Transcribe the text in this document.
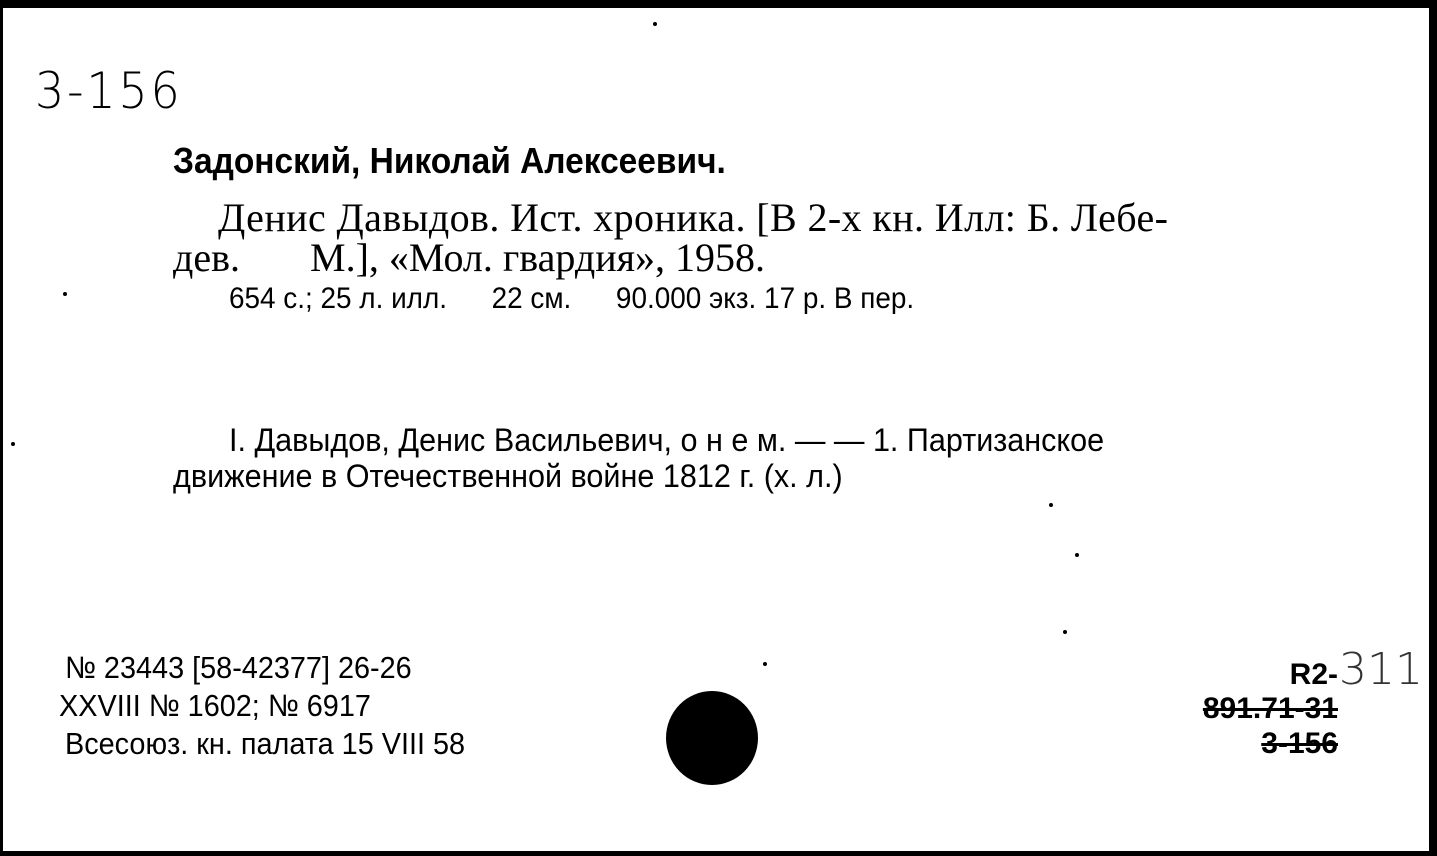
3-156
Задонский, Николай Алексеевич.
Денис Давыдов. Ист. хроника. [В 2-х кн. Илл: Б. Лебе-
дев. М.], «Мол. гвардия», 1958.
654 с.; 25 л. илл. 22 см. 90.000 экз. 17 р. В пер.
I. Давыдов, Денис Васильевич, о н е м. — — 1. Партизанское
движение в Отечественной войне 1812 г. (х. л.)
№ 23443 [58-42377] 26-26
XXVIII № 1602; № 6917
Всесоюз. кн. палата 15 VIII 58
R2-
891.71-31
3-156
311
